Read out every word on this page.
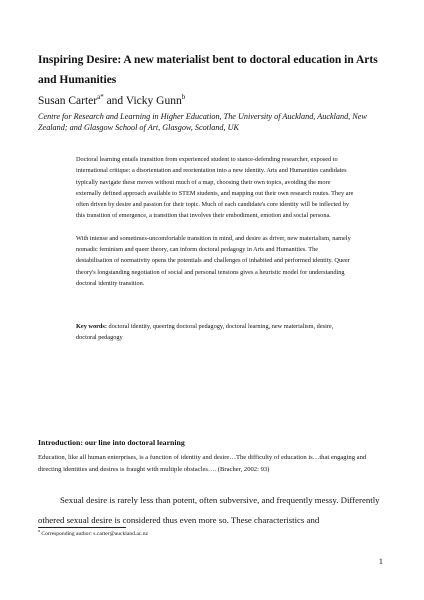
Inspiring Desire: A new materialist bent to doctoral education in Arts and Humanities
Susan Carter$^{a*}$ and Vicky Gunn$^b$
Centre for Research and Learning in Higher Education, The University of Auckland, Auckland, New Zealand; and Glasgow School of Art, Glasgow, Scotland, UK

Doctoral learning entails transition from experienced student to stance-defending researcher, exposed to international critique: a disorientation and reorientation into a new identity. Arts and Humanities candidates typically navigate these moves without much of a map, choosing their own topics, avoiding the more externally defined approach available to STEM students, and mapping out their own research routes. They are often driven by desire and passion for their topic. Much of each candidate's core identity will be inflected by this transition of emergence, a transition that involves their embodiment, emotion and social persona.

With intense and sometimes-uncomfortable transition in mind, and desire as driver, new materialism, namely nomadic feminism and queer theory, can inform doctoral pedagogy in Arts and Humanities. The destabilisation of normativity opens the potentials and challenges of inhabited and performed identity. Queer theory's longstanding negotiation of social and personal tensions gives a heuristic model for understanding doctoral identity transition.

Key words: doctoral identity, queering doctoral pedagogy, doctoral learning, new materialism, desire, doctoral pedagogy
Introduction: our line into doctoral learning
Education, like all human enterprises, is a function of identity and desire…The difficulty of education is…that engaging and directing identities and desires is fraught with multiple obstacles…. (Bracher, 2002: 93)
Sexual desire is rarely less than potent, often subversive, and frequently messy. Differently othered sexual desire is considered thus even more so. These characteristics and
$^a$ Corresponding author: s.carter@auckland.ac.nz
1
